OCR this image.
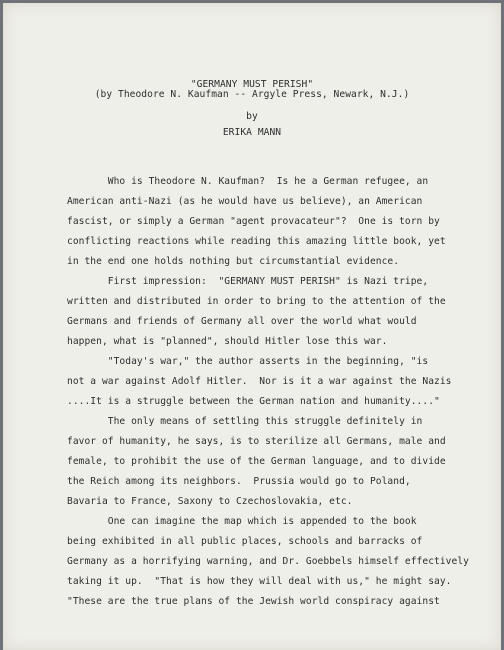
"GERMANY MUST PERISH"
(by Theodore N. Kaufman -- Argyle Press, Newark, N.J.)
by
ERIKA MANN
Who is Theodore N. Kaufman?  Is he a German refugee, an
American anti-Nazi (as he would have us believe), an American
fascist, or simply a German "agent provacateur"?  One is torn by
conflicting reactions while reading this amazing little book, yet
in the end one holds nothing but circumstantial evidence.
First impression:  "GERMANY MUST PERISH" is Nazi tripe,
written and distributed in order to bring to the attention of the
Germans and friends of Germany all over the world what would
happen, what is "planned", should Hitler lose this war.
"Today's war," the author asserts in the beginning, "is
not a war against Adolf Hitler.  Nor is it a war against the Nazis
....It is a struggle between the German nation and humanity...."
The only means of settling this struggle definitely in
favor of humanity, he says, is to sterilize all Germans, male and
female, to prohibit the use of the German language, and to divide
the Reich among its neighbors.  Prussia would go to Poland,
Bavaria to France, Saxony to Czechoslovakia, etc.
One can imagine the map which is appended to the book
being exhibited in all public places, schools and barracks of
Germany as a horrifying warning, and Dr. Goebbels himself effectively
taking it up.  "That is how they will deal with us," he might say.
"These are the true plans of the Jewish world conspiracy against
